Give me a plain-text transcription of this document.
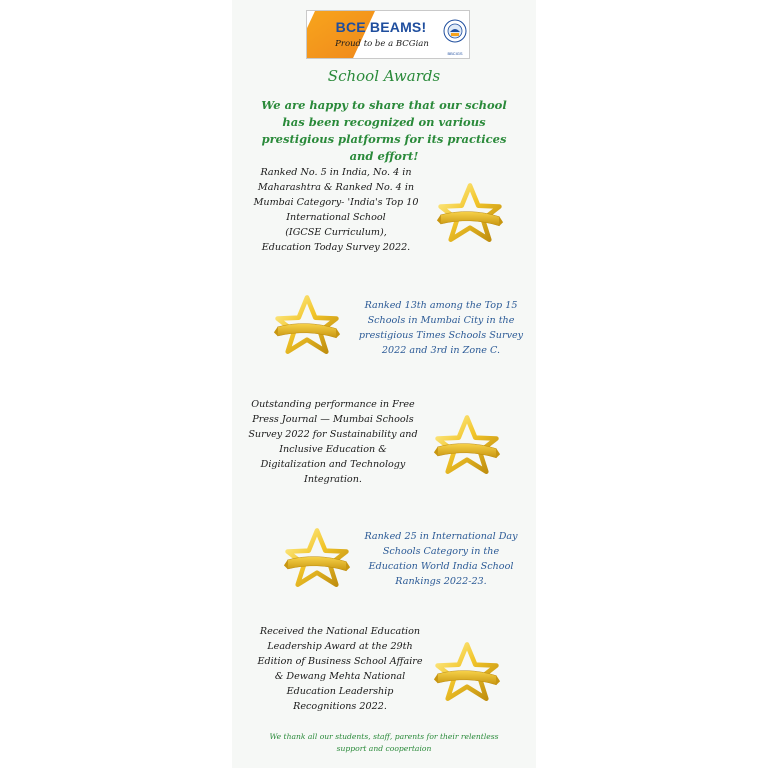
BCE BEAMS!
Proud to be a BCGian
BBCIGS
School Awards
We are happy to share that our school has been recognized on various prestigious platforms for its practices and effort!
Ranked No. 5 in India, No. 4 in
Maharashtra & Ranked No. 4 in
Mumbai Category- 'India's Top 10
International School
(IGCSE Curriculum),
Education Today Survey 2022.
Ranked 13th among the Top 15
Schools in Mumbai City in the
prestigious Times Schools Survey
2022 and 3rd in Zone C.
Outstanding performance in Free
Press Journal — Mumbai Schools
Survey 2022 for Sustainability and
Inclusive Education &
Digitalization and Technology
Integration.
Ranked 25 in International Day
Schools Category in the
Education World India School
Rankings 2022-23.
Received the National Education
Leadership Award at the 29th
Edition of Business School Affaire
& Dewang Mehta National
Education Leadership
Recognitions 2022.
We thank all our students, staff, parents for their relentless support and coopertaion
